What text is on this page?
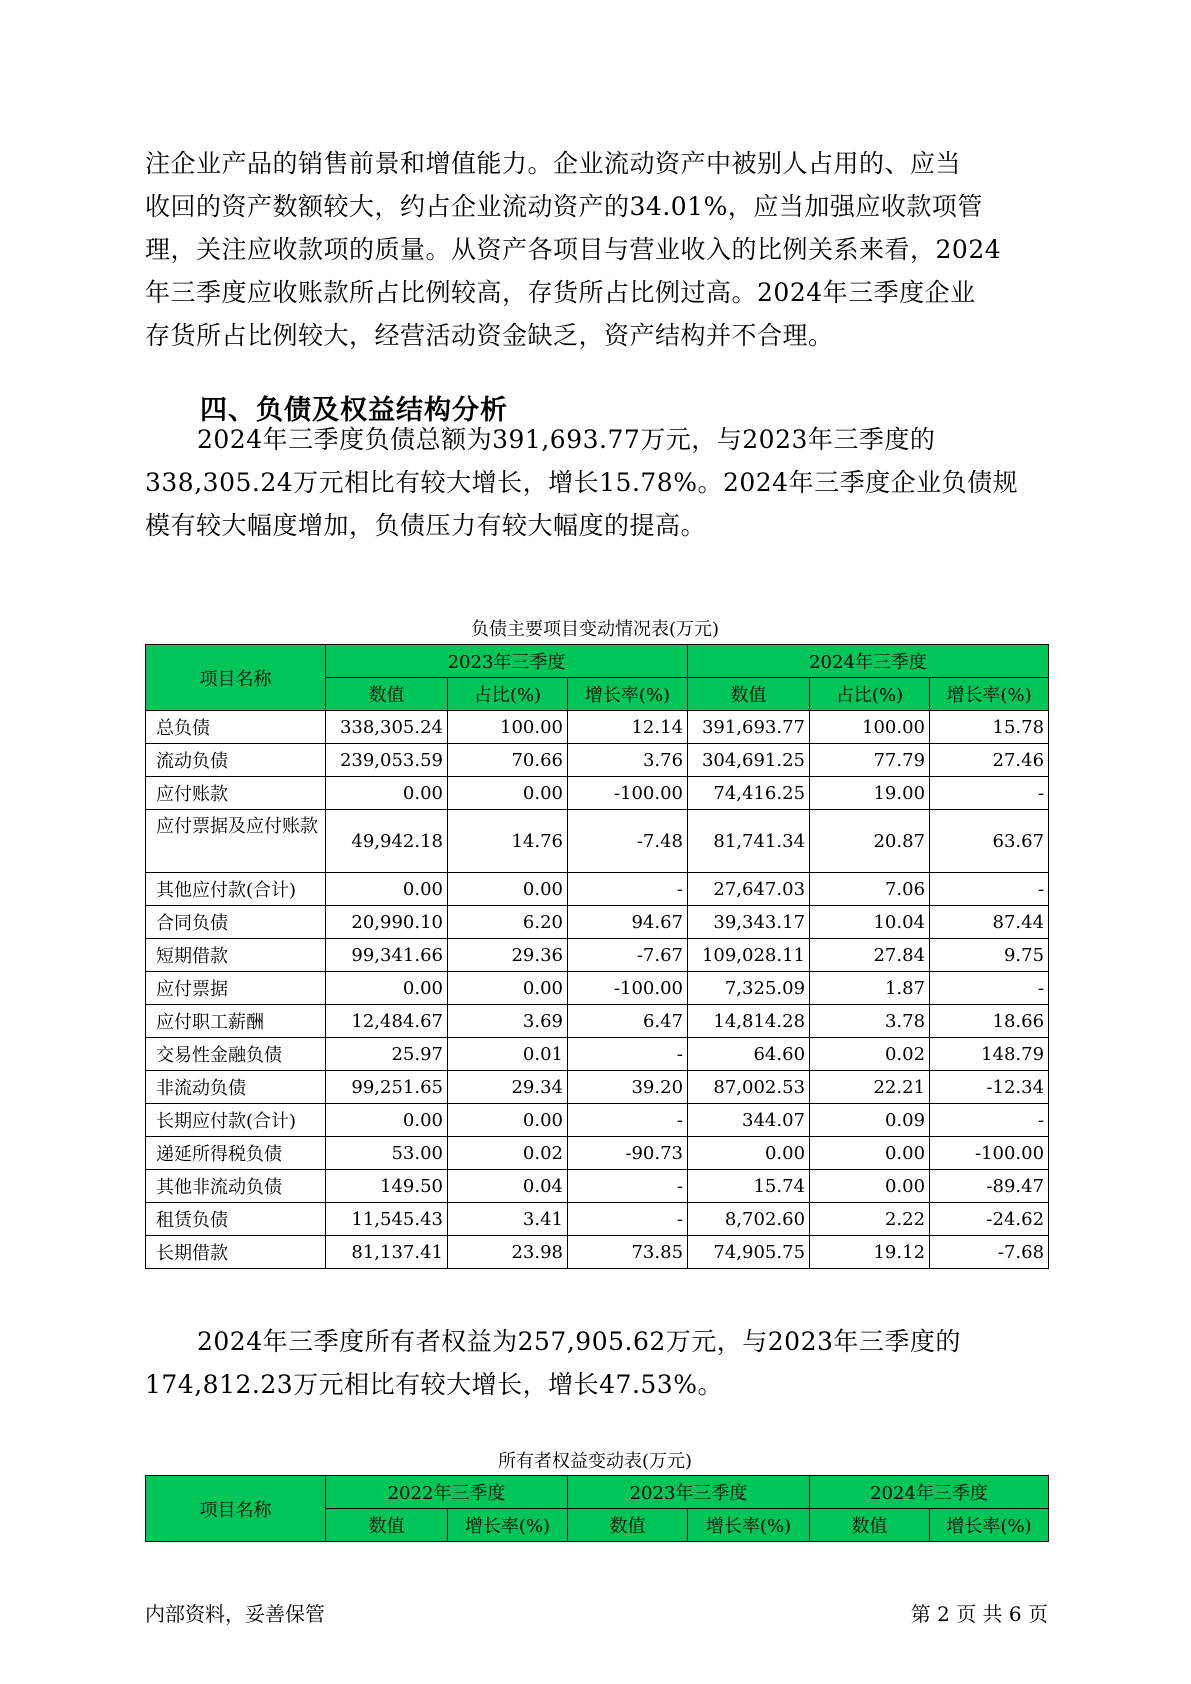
注企业产品的销售前景和增值能力。企业流动资产中被别人占用的、应当
收回的资产数额较大，约占企业流动资产的34.01%，应当加强应收款项管
理，关注应收款项的质量。从资产各项目与营业收入的比例关系来看，2024
年三季度应收账款所占比例较高，存货所占比例过高。2024年三季度企业
存货所占比例较大，经营活动资金缺乏，资产结构并不合理。

四、负债及权益结构分析

2024年三季度负债总额为391,693.77万元，与2023年三季度的
338,305.24万元相比有较大增长，增长15.78%。2024年三季度企业负债规
模有较大幅度增加，负债压力有较大幅度的提高。

负债主要项目变动情况表(万元)
项目名称	2023年三季度			2024年三季度		
	数值	占比(%)	增长率(%)	数值	占比(%)	增长率(%)
总负债	338,305.24	100.00	12.14	391,693.77	100.00	15.78
流动负债	239,053.59	70.66	3.76	304,691.25	77.79	27.46
应付账款	0.00	0.00	-100.00	74,416.25	19.00	-
应付票据及应付账款	49,942.18	14.76	-7.48	81,741.34	20.87	63.67
其他应付款(合计)	0.00	0.00	-	27,647.03	7.06	-
合同负债	20,990.10	6.20	94.67	39,343.17	10.04	87.44
短期借款	99,341.66	29.36	-7.67	109,028.11	27.84	9.75
应付票据	0.00	0.00	-100.00	7,325.09	1.87	-
应付职工薪酬	12,484.67	3.69	6.47	14,814.28	3.78	18.66
交易性金融负债	25.97	0.01	-	64.60	0.02	148.79
非流动负债	99,251.65	29.34	39.20	87,002.53	22.21	-12.34
长期应付款(合计)	0.00	0.00	-	344.07	0.09	-
递延所得税负债	53.00	0.02	-90.73	0.00	0.00	-100.00
其他非流动负债	149.50	0.04	-	15.74	0.00	-89.47
租赁负债	11,545.43	3.41	-	8,702.60	2.22	-24.62
长期借款	81,137.41	23.98	73.85	74,905.75	19.12	-7.68

2024年三季度所有者权益为257,905.62万元，与2023年三季度的
174,812.23万元相比有较大增长，增长47.53%。

所有者权益变动表(万元)
项目名称	2022年三季度		2023年三季度		2024年三季度	
	数值	增长率(%)	数值	增长率(%)	数值	增长率(%)
内部资料，妥善保管	第 2 页 共 6 页
